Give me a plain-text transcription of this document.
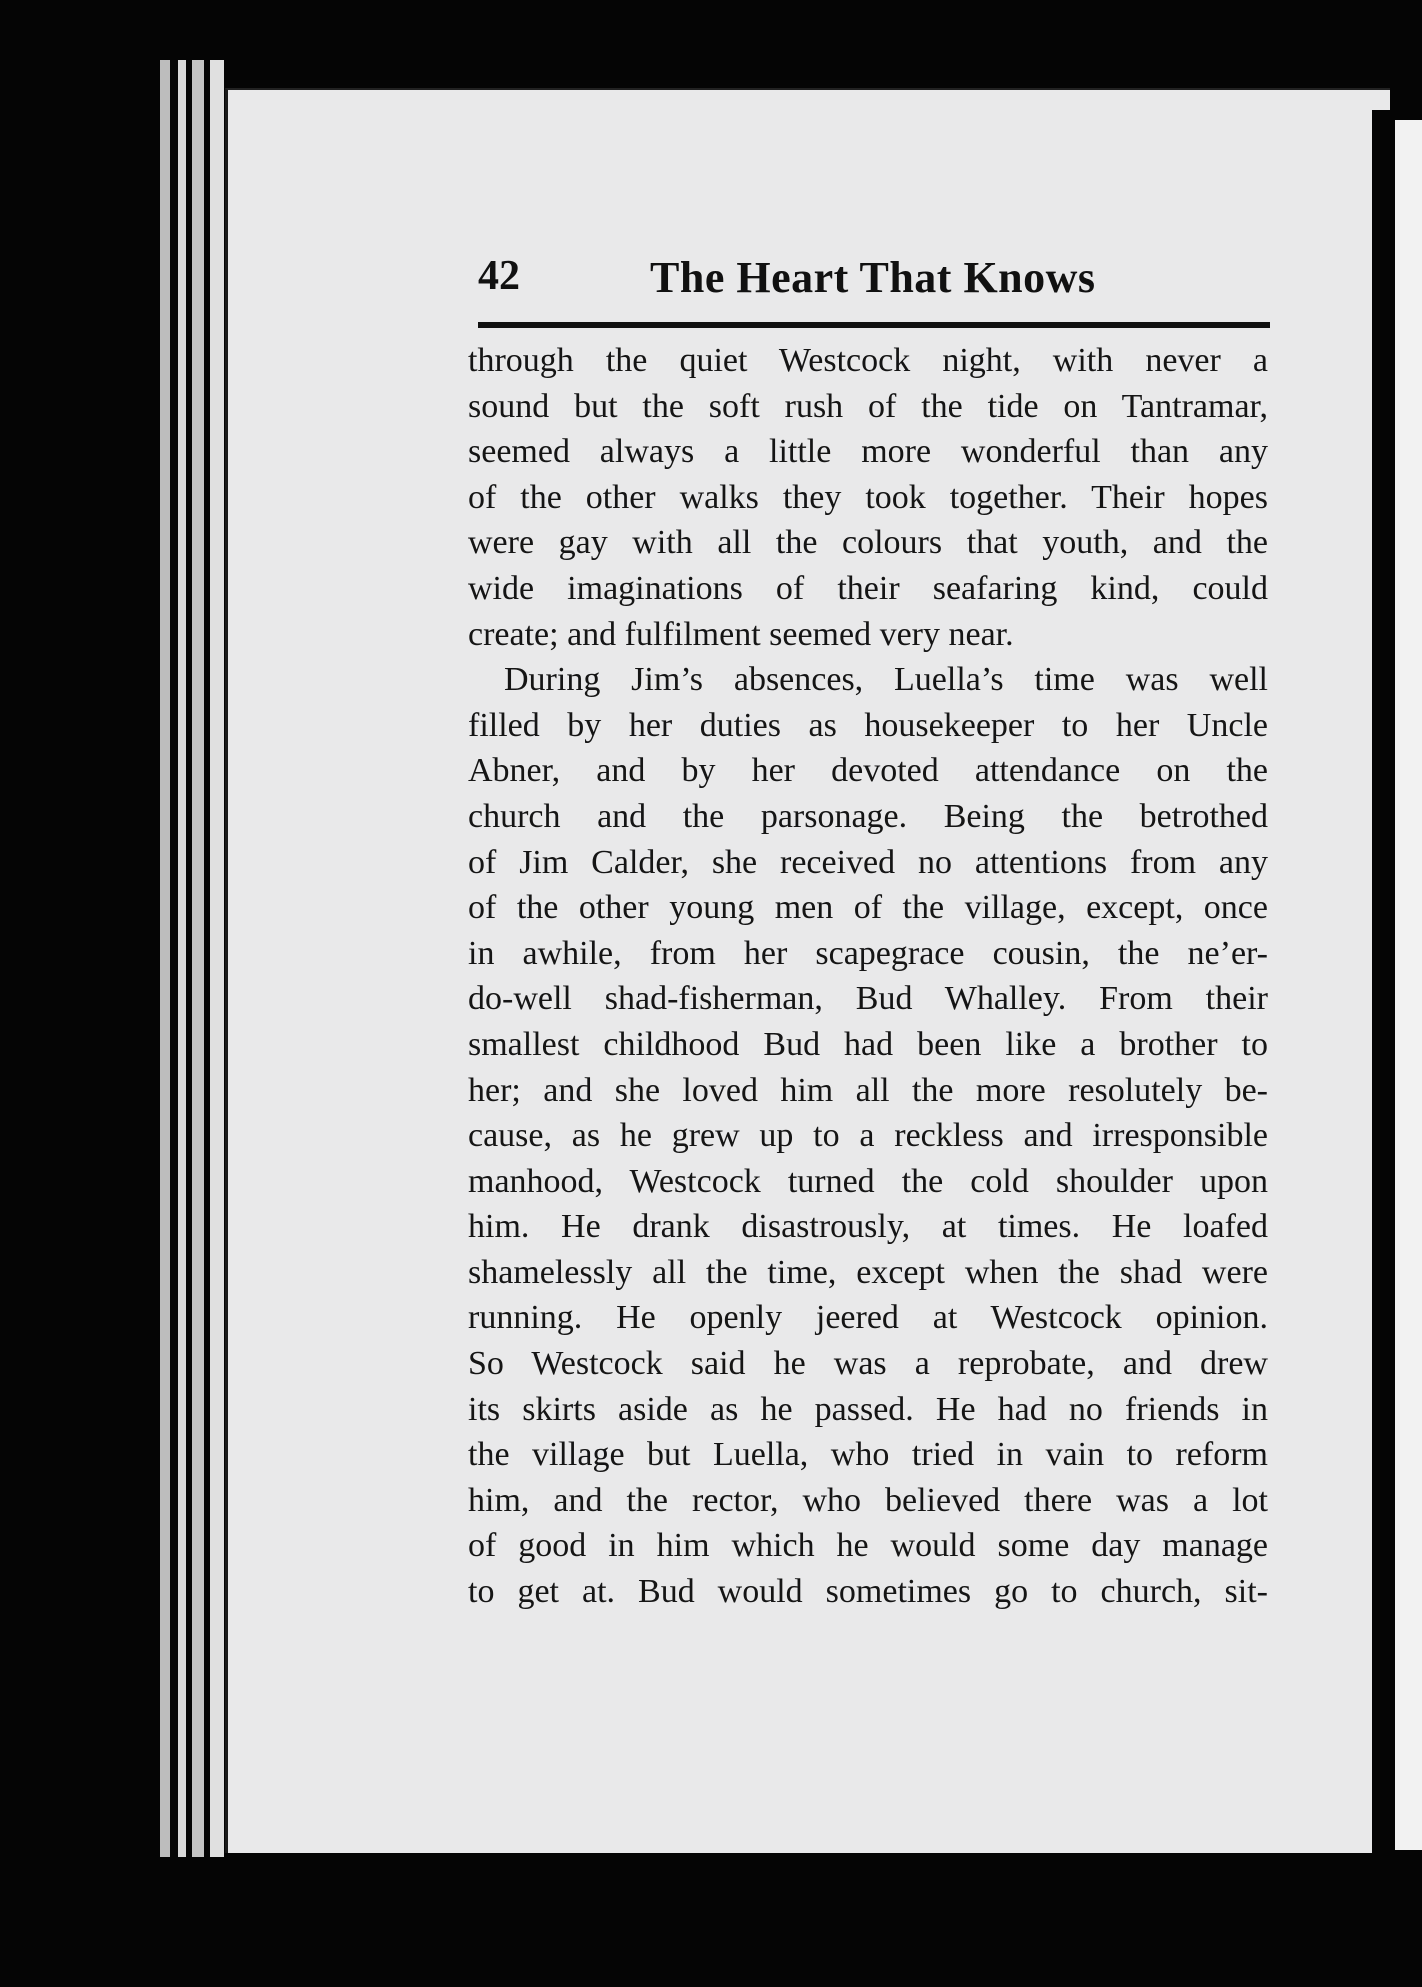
42	The Heart That Knows
through the quiet Westcock night, with never a
sound but the soft rush of the tide on Tantramar,
seemed always a little more wonderful than any
of the other walks they took together. Their hopes
were gay with all the colours that youth, and the
wide imaginations of their seafaring kind, could
create; and fulfilment seemed very near.
During Jim’s absences, Luella’s time was well
filled by her duties as housekeeper to her Uncle
Abner, and by her devoted attendance on the
church and the parsonage. Being the betrothed
of Jim Calder, she received no attentions from any
of the other young men of the village, except, once
in awhile, from her scapegrace cousin, the ne’er-
do-well shad-fisherman, Bud Whalley. From their
smallest childhood Bud had been like a brother to
her; and she loved him all the more resolutely be-
cause, as he grew up to a reckless and irresponsible
manhood, Westcock turned the cold shoulder upon
him. He drank disastrously, at times. He loafed
shamelessly all the time, except when the shad were
running. He openly jeered at Westcock opinion.
So Westcock said he was a reprobate, and drew
its skirts aside as he passed. He had no friends in
the village but Luella, who tried in vain to reform
him, and the rector, who believed there was a lot
of good in him which he would some day manage
to get at. Bud would sometimes go to church, sit-
